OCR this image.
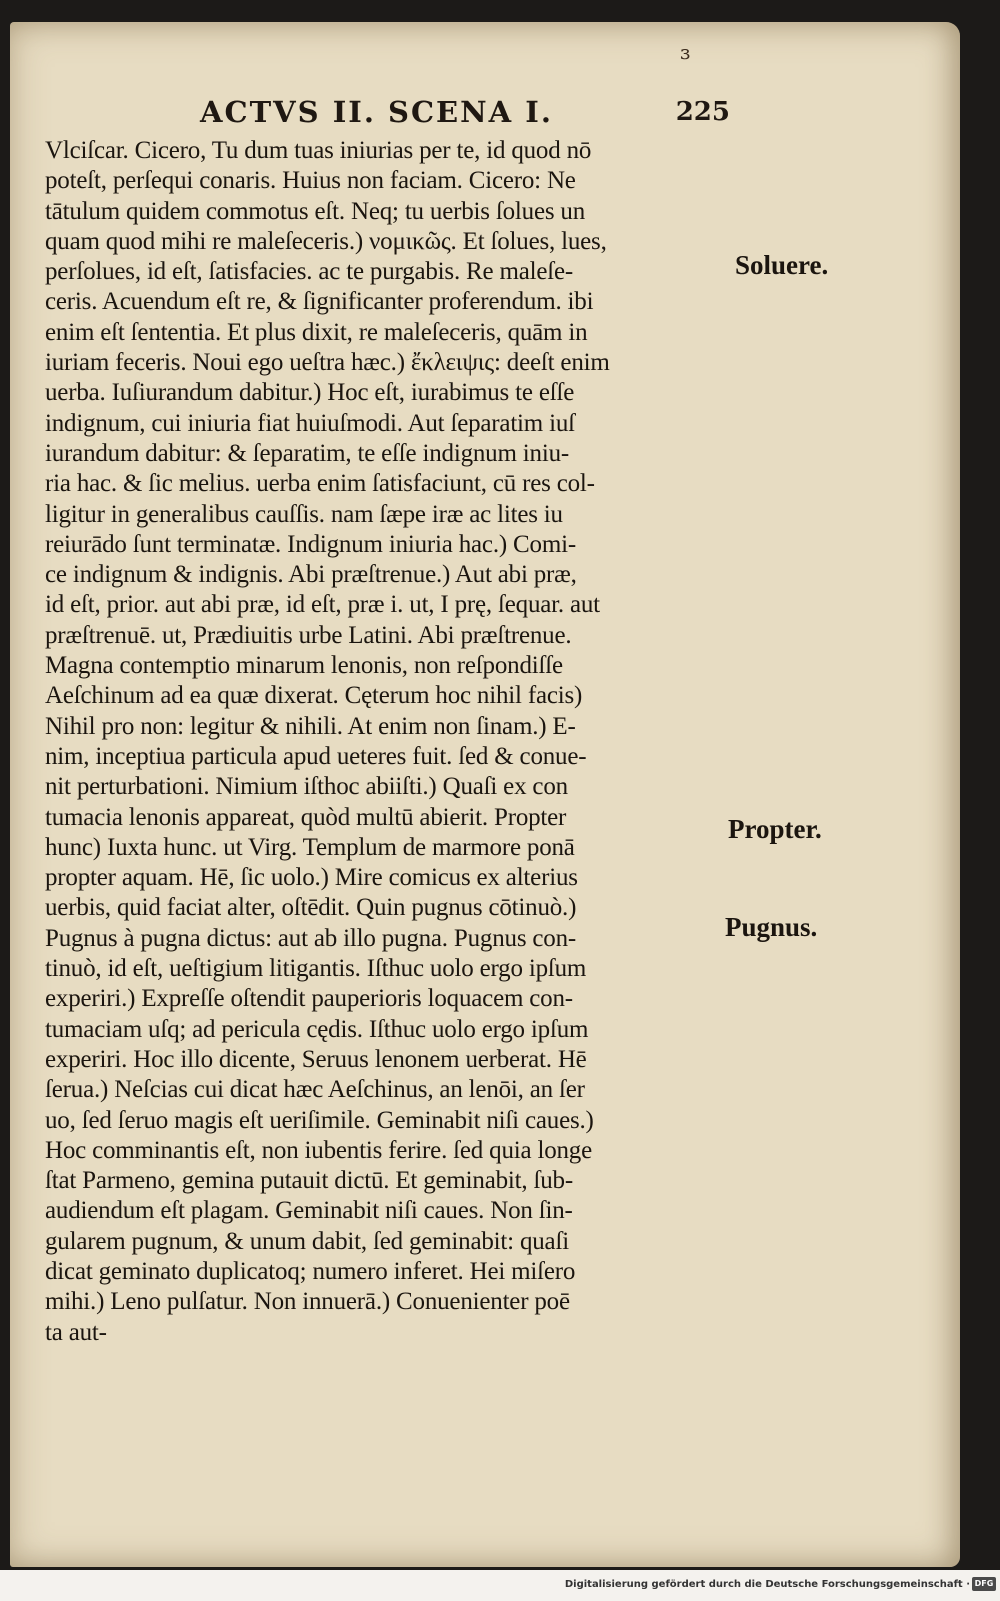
ɜ
ACTVS II. SCENA I.	225
Vlciſcar. Cicero, Tu dum tuas iniurias per te, id quod nō
poteſt, perſequi conaris. Huius non faciam. Cicero: Ne
tātulum quidem commotus eſt. Neq; tu uerbis ſolues un
quam quod mihi re maleſeceris.) νομικῶς. Et ſolues, lues,
perſolues, id eſt, ſatisfacies. ac te purgabis. Re maleſe-
ceris. Acuendum eſt re, & ſignificanter proferendum. ibi
enim eſt ſententia. Et plus dixit, re maleſeceris, quām in
iuriam feceris. Noui ego ueſtra hæc.) ἔκλειψις: deeſt enim
uerba. Iuſiurandum dabitur.) Hoc eſt, iurabimus te eſſe
indignum, cui iniuria fiat huiuſmodi. Aut ſeparatim iuſ
iurandum dabitur: & ſeparatim, te eſſe indignum iniu-
ria hac. & ſic melius. uerba enim ſatisfaciunt, cū res col-
ligitur in generalibus cauſſis. nam ſæpe iræ ac lites iu
reiurādo ſunt terminatæ. Indignum iniuria hac.) Comi-
ce indignum & indignis. Abi præſtrenue.) Aut abi præ,
id eſt, prior. aut abi præ, id eſt, præ i. ut, I prę, ſequar. aut
præſtrenuē. ut, Prædiuitis urbe Latini. Abi præſtrenue.
Magna contemptio minarum lenonis, non reſpondiſſe
Aeſchinum ad ea quæ dixerat. Cęterum hoc nihil facis)
Nihil pro non: legitur & nihili. At enim non ſinam.) E-
nim, inceptiua particula apud ueteres fuit. ſed & conue-
nit perturbationi. Nimium iſthoc abiiſti.) Quaſi ex con
tumacia lenonis appareat, quòd multū abierit. Propter
hunc) Iuxta hunc. ut Virg. Templum de marmore ponā
propter aquam. Hē, ſic uolo.) Mire comicus ex alterius
uerbis, quid faciat alter, oſtēdit. Quin pugnus cōtinuò.)
Pugnus à pugna dictus: aut ab illo pugna. Pugnus con-
tinuò, id eſt, ueſtigium litigantis. Iſthuc uolo ergo ipſum
experiri.) Expreſſe oſtendit pauperioris loquacem con-
tumaciam uſq; ad pericula cędis. Iſthuc uolo ergo ipſum
experiri. Hoc illo dicente, Seruus lenonem uerberat. Hē
ſerua.) Neſcias cui dicat hæc Aeſchinus, an lenōi, an ſer
uo, ſed ſeruo magis eſt ueriſimile. Geminabit niſi caues.)
Hoc comminantis eſt, non iubentis ferire. ſed quia longe
ſtat Parmeno, gemina putauit dictū. Et geminabit, ſub-
audiendum eſt plagam. Geminabit niſi caues. Non ſin-
gularem pugnum, & unum dabit, ſed geminabit: quaſi
dicat geminato duplicatoq; numero inferet. Hei miſero
mihi.) Leno pulſatur. Non innuerā.) Conuenienter poē
ta aut-
Soluere.
Propter.
Pugnus.
Digitalisierung gefördert durch die Deutsche Forschungsgemeinschaft · DFG
